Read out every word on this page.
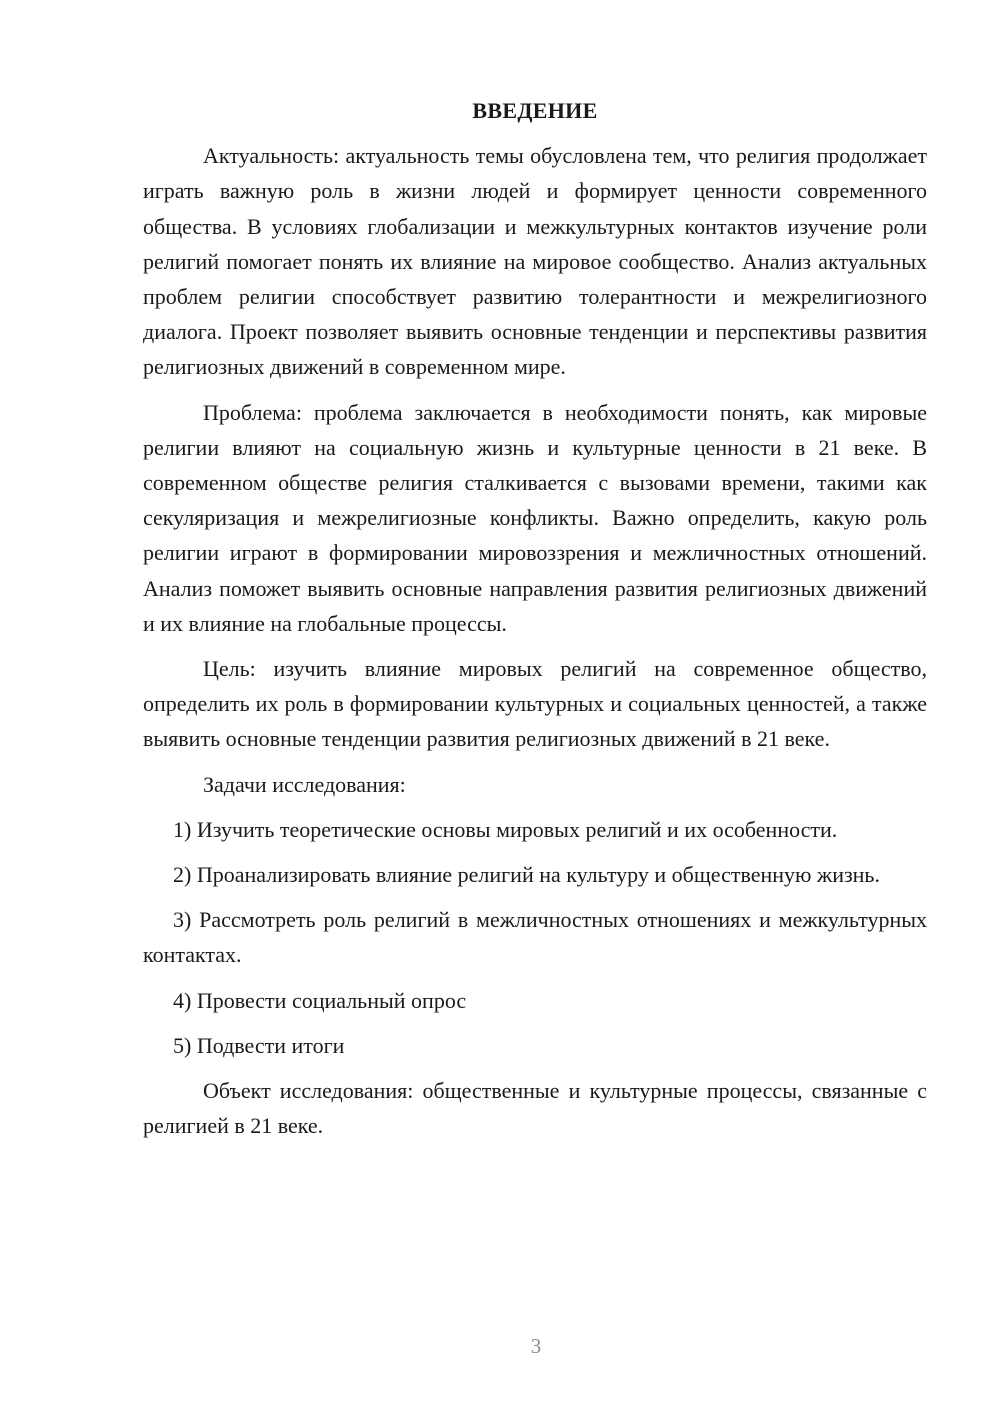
ВВЕДЕНИЕ

Актуальность: актуальность темы обусловлена тем, что религия продолжает играть важную роль в жизни людей и формирует ценности современного общества. В условиях глобализации и межкультурных контактов изучение роли религий помогает понять их влияние на мировое сообщество. Анализ актуальных проблем религии способствует развитию толерантности и межрелигиозного диалога. Проект позволяет выявить основные тенденции и перспективы развития религиозных движений в современном мире.

Проблема: проблема заключается в необходимости понять, как мировые религии влияют на социальную жизнь и культурные ценности в 21 веке. В современном обществе религия сталкивается с вызовами времени, такими как секуляризация и межрелигиозные конфликты. Важно определить, какую роль религии играют в формировании мировоззрения и межличностных отношений. Анализ поможет выявить основные направления развития религиозных движений и их влияние на глобальные процессы.

Цель: изучить влияние мировых религий на современное общество, определить их роль в формировании культурных и социальных ценностей, а также выявить основные тенденции развития религиозных движений в 21 веке.

Задачи исследования:

1) Изучить теоретические основы мировых религий и их особенности.

2) Проанализировать влияние религий на культуру и общественную жизнь.

3) Рассмотреть роль религий в межличностных отношениях и межкультурных контактах.

4) Провести социальный опрос

5) Подвести итоги

Объект исследования: общественные и культурные процессы, связанные с религией в 21 веке.

3
